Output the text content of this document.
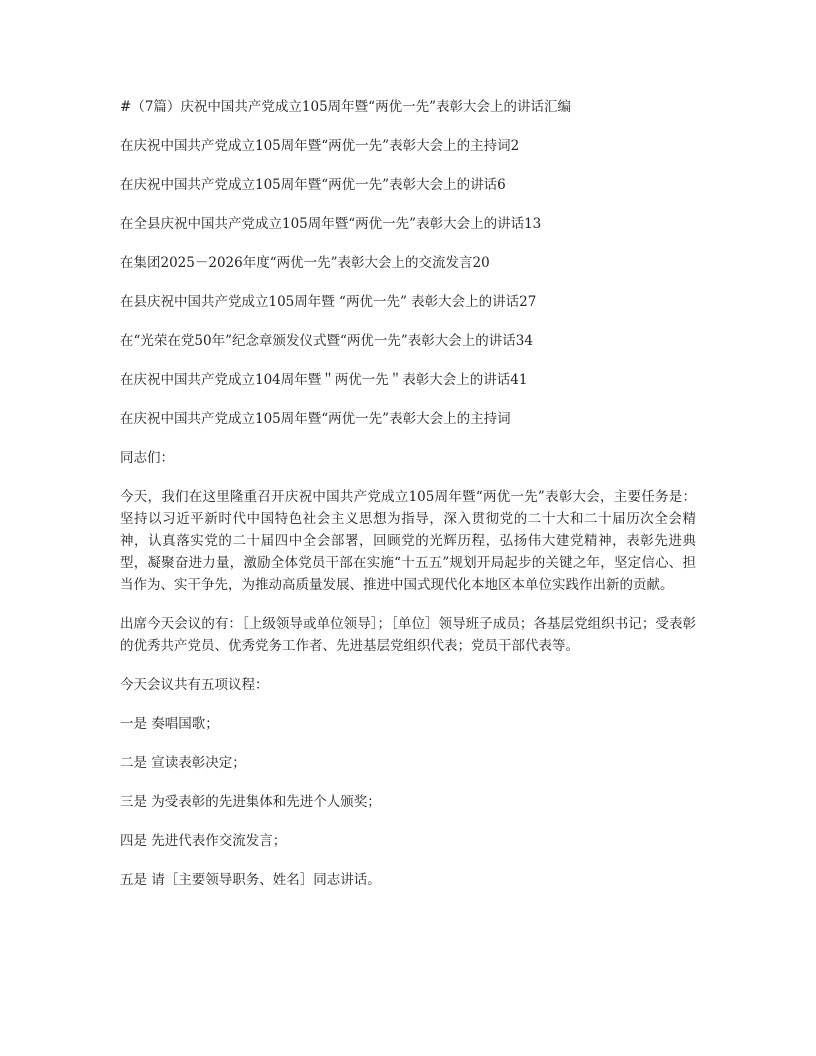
#（7篇）庆祝中国共产党成立105周年暨“两优一先”表彰大会上的讲话汇编

在庆祝中国共产党成立105周年暨“两优一先”表彰大会上的主持词2

在庆祝中国共产党成立105周年暨“两优一先”表彰大会上的讲话6

在全县庆祝中国共产党成立105周年暨“两优一先”表彰大会上的讲话13

在集团2025－2026年度“两优一先”表彰大会上的交流发言20

在县庆祝中国共产党成立105周年暨 “两优一先” 表彰大会上的讲话27

在“光荣在党50年”纪念章颁发仪式暨“两优一先”表彰大会上的讲话34

在庆祝中国共产党成立104周年暨＂两优一先＂表彰大会上的讲话41

在庆祝中国共产党成立105周年暨“两优一先”表彰大会上的主持词

同志们：

今天，我们在这里隆重召开庆祝中国共产党成立105周年暨“两优一先”表彰大会，主要任务是：坚持以习近平新时代中国特色社会主义思想为指导，深入贯彻党的二十大和二十届历次全会精神，认真落实党的二十届四中全会部署，回顾党的光辉历程，弘扬伟大建党精神，表彰先进典型，凝聚奋进力量，激励全体党员干部在实施“十五五”规划开局起步的关键之年，坚定信心、担当作为、实干争先，为推动高质量发展、推进中国式现代化本地区本单位实践作出新的贡献。

出席今天会议的有：［上级领导或单位领导］；［单位］领导班子成员；各基层党组织书记；受表彰的优秀共产党员、优秀党务工作者、先进基层党组织代表；党员干部代表等。

今天会议共有五项议程：

一是 奏唱国歌；

二是 宣读表彰决定；

三是 为受表彰的先进集体和先进个人颁奖；

四是 先进代表作交流发言；

五是 请［主要领导职务、姓名］同志讲话。
